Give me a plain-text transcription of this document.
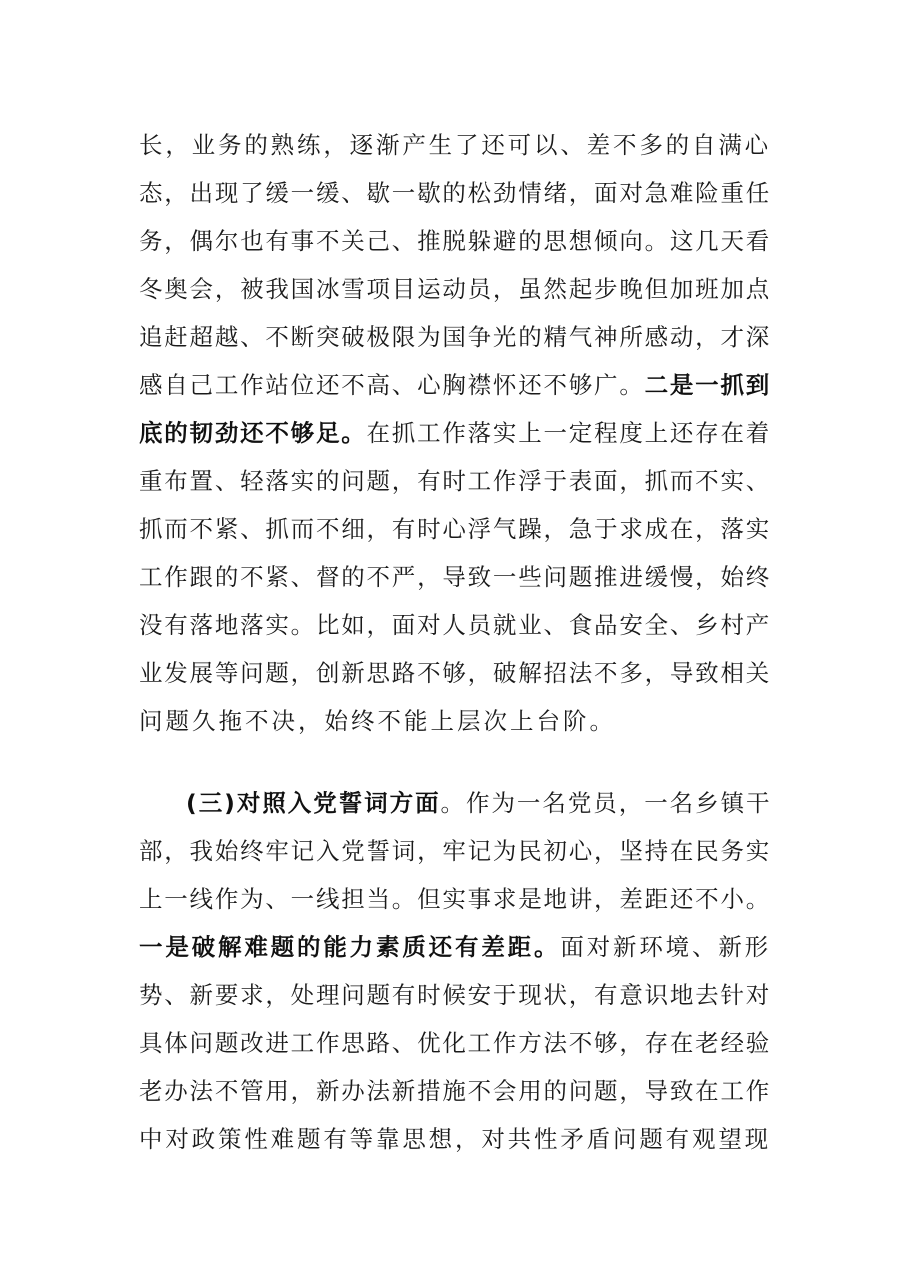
长，业务的熟练，逐渐产生了还可以、差不多的自满心
态，出现了缓一缓、歇一歇的松劲情绪，面对急难险重任
务，偶尔也有事不关己、推脱躲避的思想倾向。这几天看
冬奥会，被我国冰雪项目运动员，虽然起步晚但加班加点
追赶超越、不断突破极限为国争光的精气神所感动，才深
感自己工作站位还不高、心胸襟怀还不够广。二是一抓到
底的韧劲还不够足。在抓工作落实上一定程度上还存在着
重布置、轻落实的问题，有时工作浮于表面，抓而不实、
抓而不紧、抓而不细，有时心浮气躁，急于求成在，落实
工作跟的不紧、督的不严，导致一些问题推进缓慢，始终
没有落地落实。比如，面对人员就业、食品安全、乡村产
业发展等问题，创新思路不够，破解招法不多，导致相关
问题久拖不决，始终不能上层次上台阶。
(三)对照入党誓词方面。作为一名党员，一名乡镇干
部，我始终牢记入党誓词，牢记为民初心，坚持在民务实
上一线作为、一线担当。但实事求是地讲，差距还不小。
一是破解难题的能力素质还有差距。面对新环境、新形
势、新要求，处理问题有时候安于现状，有意识地去针对
具体问题改进工作思路、优化工作方法不够，存在老经验
老办法不管用，新办法新措施不会用的问题，导致在工作
中对政策性难题有等靠思想，对共性矛盾问题有观望现
